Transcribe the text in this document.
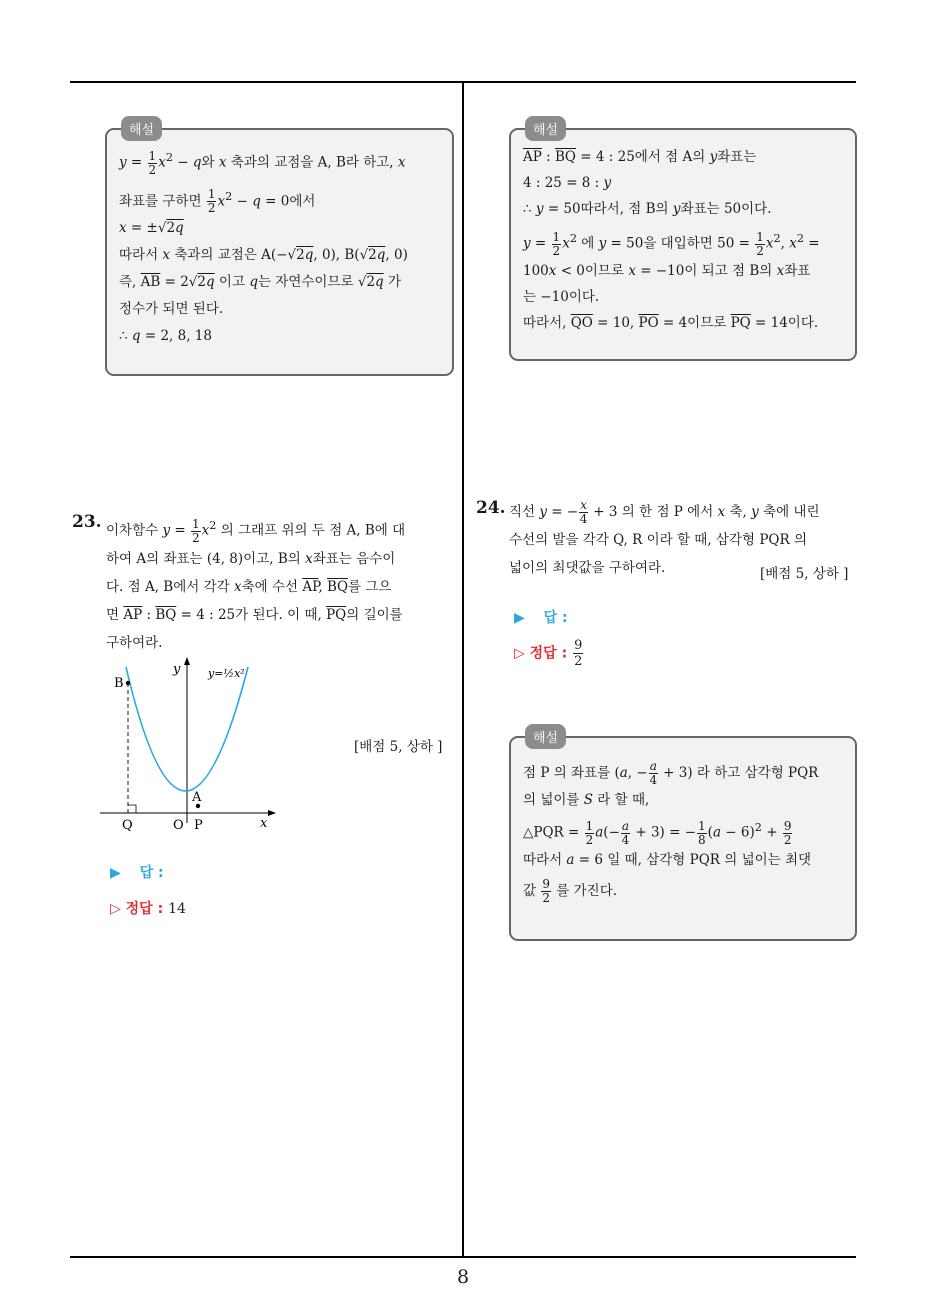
해설
$y = \frac{1}{2} x^2 - q$와 x 축과의 교점을 A, B라 하고, x
좌표를 구하면 $\frac{1}{2} x^2 - q = 0$에서
x = ±√2q
따라서 x 축과의 교점은 A(−√2q, 0), B(√2q, 0)
즉, $\overline{AB} = 2√2q$ 이고 q는 자연수이므로 √2q 가
정수가 되면 된다.
∴ q = 2, 8, 18
해설
$\overline{AP}$ : $\overline{BQ} = 4$ : 25에서 점 A의 y좌표는
4 : 25 = 8 : y
∴ y = 50따라서, 점 B의 y좌표는 50이다.
$y = \frac{1}{2} x^2$ 에 y = 50을 대입하면 $50 = \frac{1}{2} x^2$, $x^2$ =
100x < 0이므로 x = −10이 되고 점 B의 x좌표
는 −10이다.
따라서, $\overline{QO} = 10$, $\overline{PO} = 4$이므로 $\overline{PQ} = 14$이다.
23. 이차함수 $y = \frac{1}{2} x^2$ 의 그래프 위의 두 점 A, B에 대
하여 A의 좌표는 (4, 8)이고, B의 x좌표는 음수이
다. 점 A, B에서 각각 x축에 수선 $\overline{AP}$, $\overline{BQ}$를 그으
면 $\overline{AP}$ : $\overline{BQ} = 4$ : 25가 된다. 이 때, $\overline{PQ}$의 길이를
구하여라.
B
A
Q	O P	x
y	y=½x²
[배점 5, 상하 ]
▶ 답 :
▷ 정답 : 14
24. 직선 y = − $\frac{x}{4} + 3$ 의 한 점 P 에서 x 축, y 축에 내린
수선의 발을 각각 Q, R 이라 할 때, 삼각형 PQR 의
넓이의 최댓값을 구하여라.	[배점 5, 상하 ]
▶ 답 :
▷ 정답 : $\frac{9}{2}$
해설
점 P 의 좌표를 (a, − $\frac{a}{4} + 3$) 라 하고 삼각형 PQR
의 넓이를 S 라 할 때,
△PQR = $\frac{1}{2} a(- \frac{a}{4} + 3)$ = − $\frac{1}{8} (a - 6)^2 + \frac{9}{2}$
따라서 a = 6 일 때, 삼각형 PQR 의 넓이는 최댓
값 $\frac{9}{2}$ 를 가진다.
8
